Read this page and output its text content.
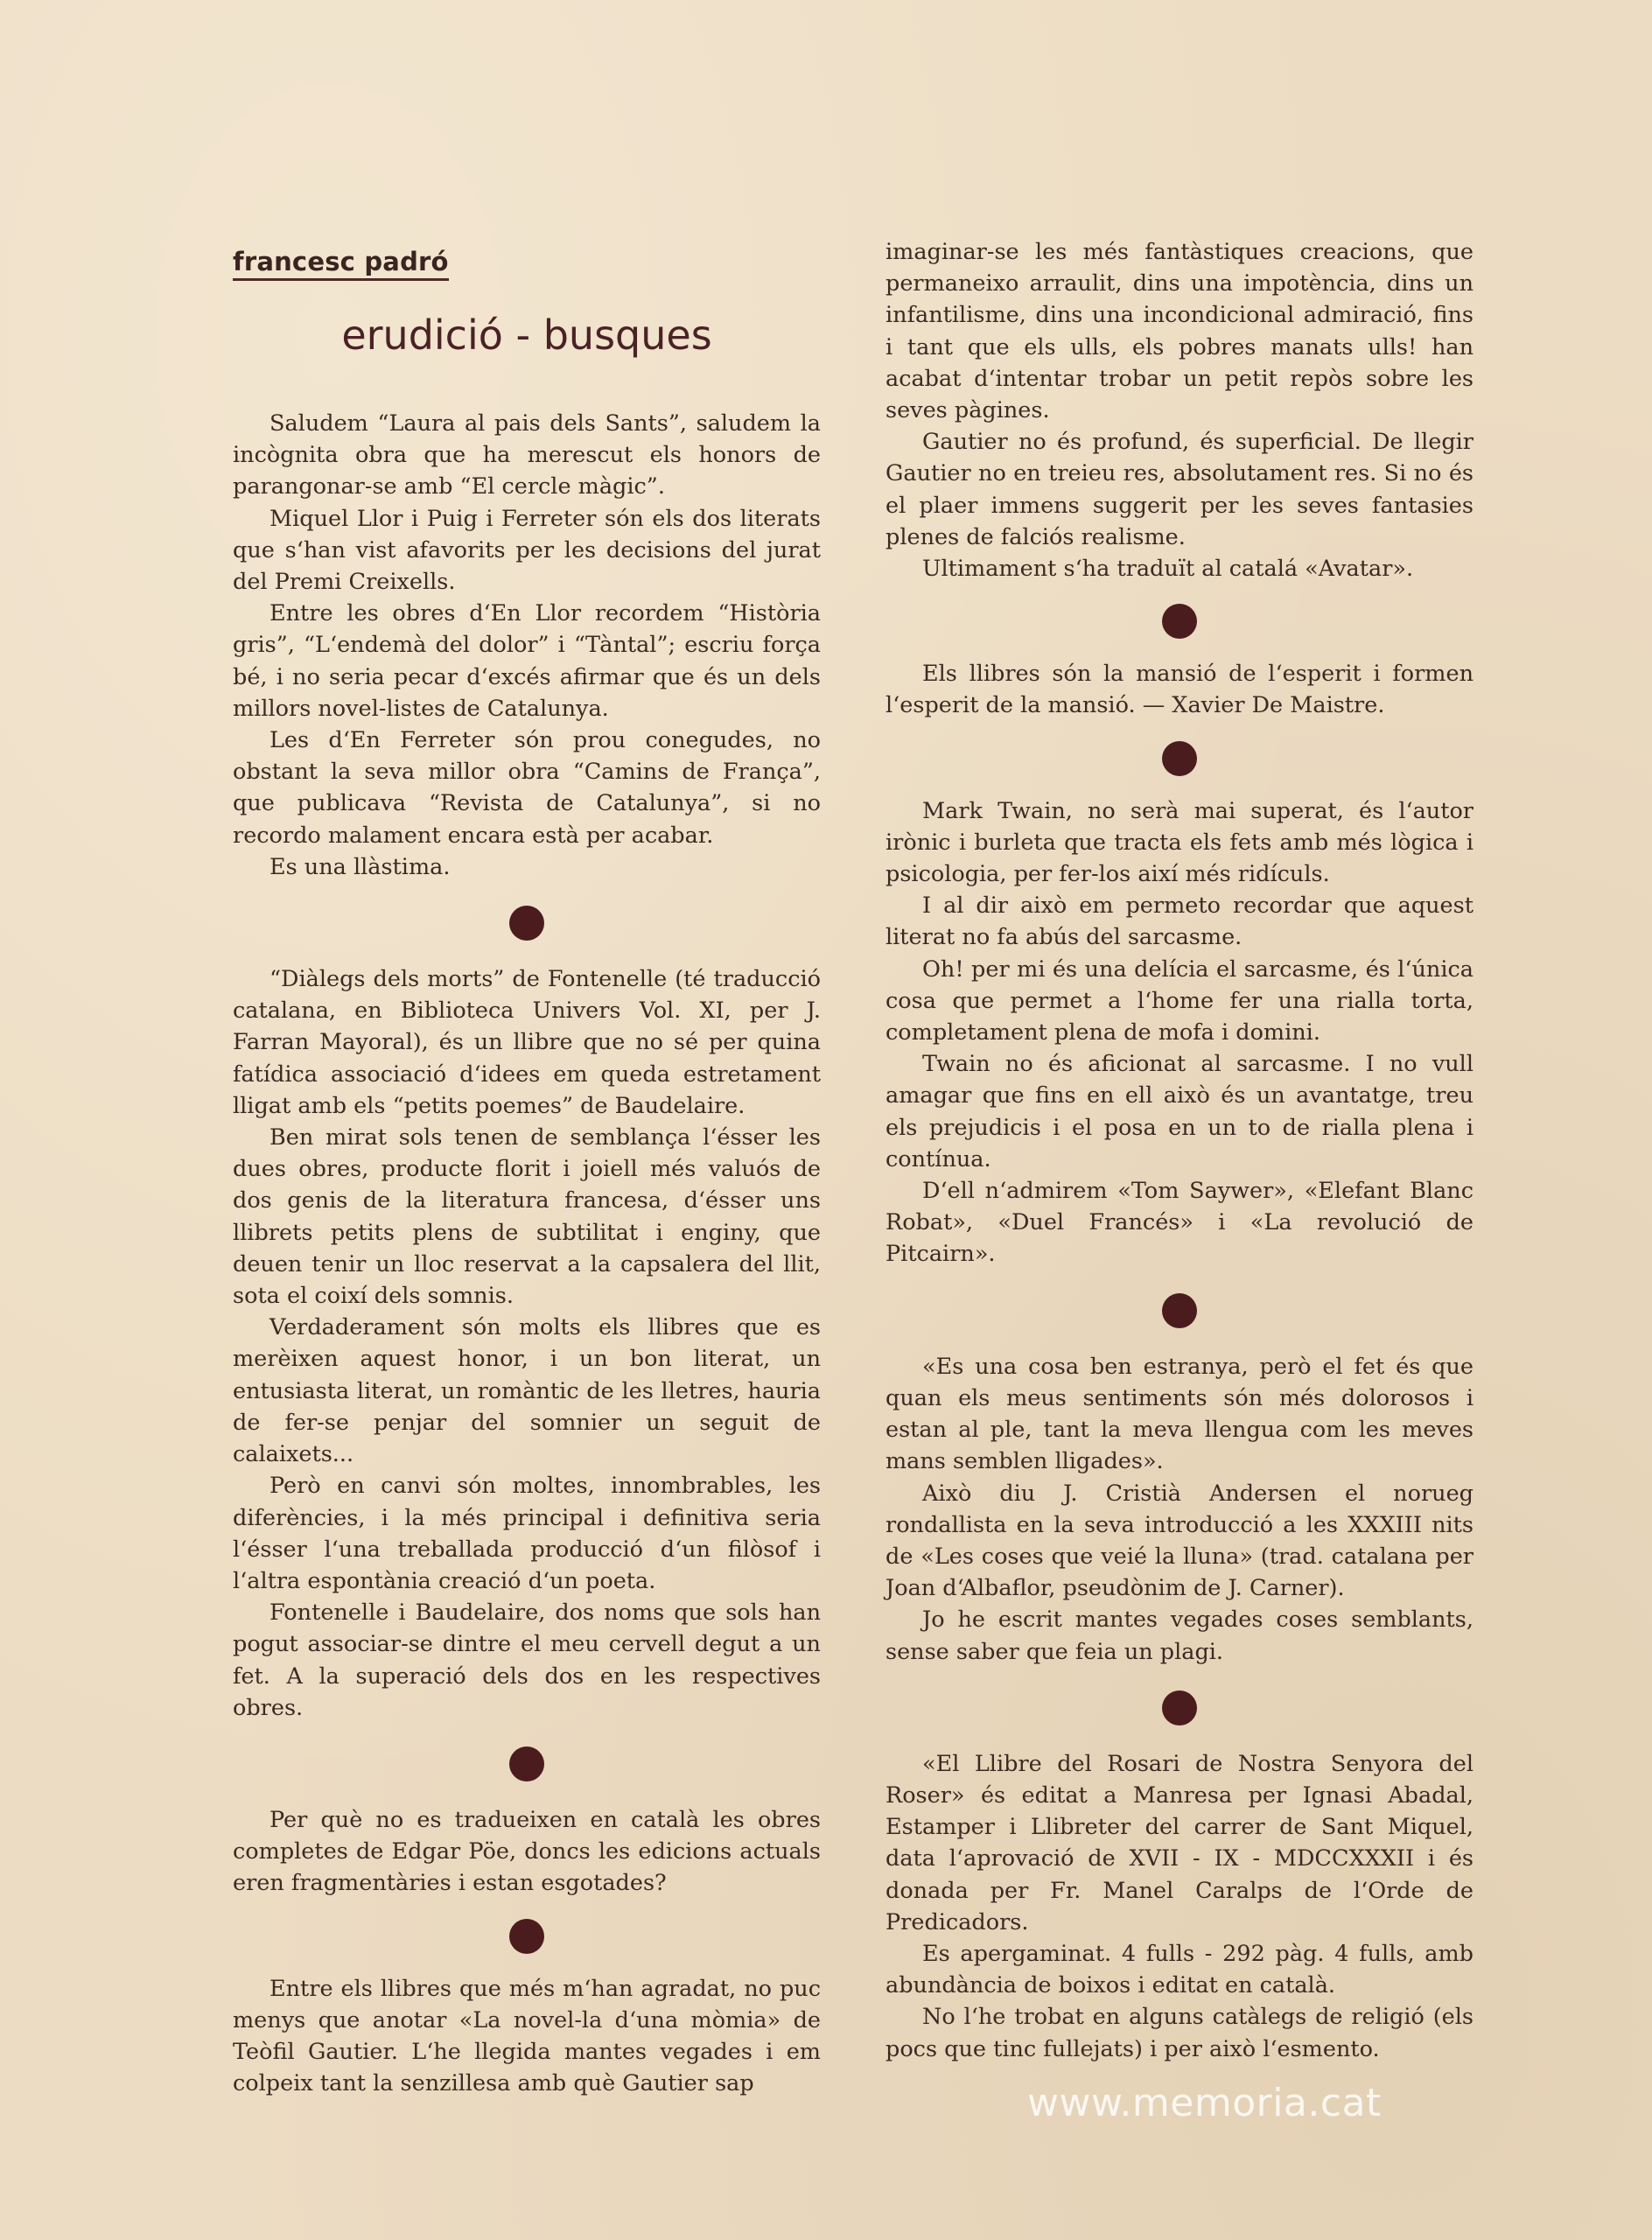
francesc padró
erudició - busques

Saludem “Laura al pais dels Sants”, saludem la incògnita obra que ha merescut els honors de parangonar-se amb “El cercle màgic”.

Miquel Llor i Puig i Ferreter són els dos literats que s‘han vist afavorits per les decisions del jurat del Premi Creixells.

Entre les obres d‘En Llor recordem “Història gris”, “L‘endemà del dolor” i “Tàntal”; escriu força bé, i no seria pecar d‘excés afirmar que és un dels millors novel-listes de Catalunya.

Les d‘En Ferreter són prou conegudes, no obstant la seva millor obra “Camins de França”, que publicava “Revista de Catalunya”, si no recordo malament encara està per acabar.

Es una llàstima.

“Diàlegs dels morts” de Fontenelle (té traducció catalana, en Biblioteca Univers Vol. XI, per J. Farran Mayoral), és un llibre que no sé per quina fatídica associació d‘idees em queda estretament lligat amb els “petits poemes” de Baudelaire.

Ben mirat sols tenen de semblança l‘ésser les dues obres, producte florit i joiell més valuós de dos genis de la literatura francesa, d‘ésser uns llibrets petits plens de subtilitat i enginy, que deuen tenir un lloc reservat a la capsalera del llit, sota el coixí dels somnis.

Verdaderament són molts els llibres que es merèixen aquest honor, i un bon literat, un entusiasta literat, un romàntic de les lletres, hauria de fer-se penjar del somnier un seguit de calaixets...

Però en canvi són moltes, innombrables, les diferències, i la més principal i definitiva seria l‘ésser l‘una treballada producció d‘un filòsof i l‘altra espontània creació d‘un poeta.

Fontenelle i Baudelaire, dos noms que sols han pogut associar-se dintre el meu cervell degut a un fet. A la superació dels dos en les respectives obres.

Per què no es tradueixen en català les obres completes de Edgar Pöe, doncs les edicions actuals eren fragmentàries i estan esgotades?

Entre els llibres que més m‘han agradat, no puc menys que anotar «La novel-la d‘una mòmia» de Teòfil Gautier. L‘he llegida mantes vegades i em colpeix tant la senzillesa amb què Gautier sap

imaginar-se les més fantàstiques creacions, que permaneixo arraulit, dins una impotència, dins un infantilisme, dins una incondicional admiració, fins i tant que els ulls, els pobres manats ulls! han acabat d‘intentar trobar un petit repòs sobre les seves pàgines.

Gautier no és profund, és superficial. De llegir Gautier no en treieu res, absolutament res. Si no és el plaer immens suggerit per les seves fantasies plenes de falciós realisme.

Ultimament s‘ha traduït al catalá «Avatar».

Els llibres són la mansió de l‘esperit i formen l‘esperit de la mansió. — Xavier De Maistre.

Mark Twain, no serà mai superat, és l‘autor irònic i burleta que tracta els fets amb més lògica i psicologia, per fer-los així més ridículs.

I al dir això em permeto recordar que aquest literat no fa abús del sarcasme.

Oh! per mi és una delícia el sarcasme, és l‘única cosa que permet a l‘home fer una rialla torta, completament plena de mofa i domini.

Twain no és aficionat al sarcasme. I no vull amagar que fins en ell això és un avantatge, treu els prejudicis i el posa en un to de rialla plena i contínua.

D‘ell n‘admirem «Tom Saywer», «Elefant Blanc Robat», «Duel Francés» i «La revolució de Pitcairn».

«Es una cosa ben estranya, però el fet és que quan els meus sentiments són més dolorosos i estan al ple, tant la meva llengua com les meves mans semblen lligades».

Això diu J. Cristià Andersen el norueg rondallista en la seva introducció a les XXXIII nits de «Les coses que veié la lluna» (trad. catalana per Joan d‘Albaflor, pseudònim de J. Carner).

Jo he escrit mantes vegades coses semblants, sense saber que feia un plagi.

«El Llibre del Rosari de Nostra Senyora del Roser» és editat a Manresa per Ignasi Abadal, Estamper i Llibreter del carrer de Sant Miquel, data l‘aprovació de XVII - IX - MDCCXXXII i és donada per Fr. Manel Caralps de l‘Orde de Predicadors.

Es apergaminat. 4 fulls - 292 pàg. 4 fulls, amb abundància de boixos i editat en català.

No l‘he trobat en alguns catàlegs de religió (els pocs que tinc fullejats) i per això l‘esmento.

www.memoria.cat
